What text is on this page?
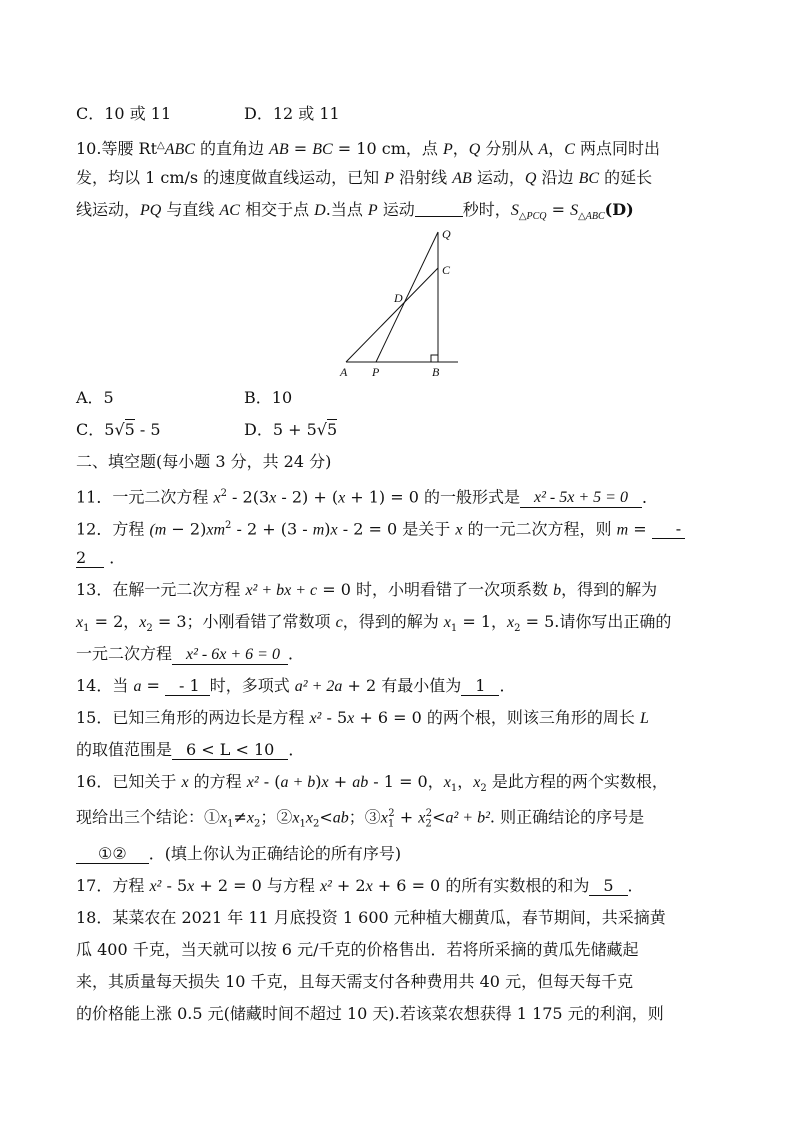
C．10 或 11	D．12 或 11
10.等腰 Rt△ABC 的直角边 AB = BC = 10 cm，点 P，Q 分别从 A，C 两点同时出
发，均以 1 cm/s 的速度做直线运动，已知 P 沿射线 AB 运动，Q 沿边 BC 的延长
线运动，PQ 与直线 AC 相交于点 D.当点 P 运动	秒时，$S_{\triangle PCQ} = S_{\triangle ABC}(D)$
Q
C
D
A P	B
A．5	B．10
C．5√5 - 5	D．5 + 5√5
二、填空题(每小题 3 分，共 24 分)
11．一元二次方程 $x^2 - 2(3x - 2) + (x + 1) = 0$ 的一般形式是 x² - 5x + 5 = 0 ．
12．方程 $(m - 2)xm^2 - 2 + (3 - m)x - 2 = 0$ 是关于 x 的一元二次方程，则 m = -
2 ．
13．在解一元二次方程 x² + bx + c = 0 时，小明看错了一次项系数 b，得到的解为
$x_1 = 2$，$x_2 = 3$；小刚看错了常数项 c，得到的解为 $x_1 = 1$，$x_2 = 5$.请你写出正确的
一元二次方程 x² - 6x + 6 = 0 ．
14．当 a = - 1 时，多项式 a² + 2a + 2 有最小值为 1 ．
15．已知三角形的两边长是方程 x² - 5x + 6 = 0 的两个根，则该三角形的周长 L
的取值范围是 6 < L < 10 ．
16．已知关于 x 的方程 x² - (a + b)x + ab - 1 = 0，$x_1$，$x_2$ 是此方程的两个实数根，
现给出三个结论：$①x_1\ne x_2$；$②x_1x_2<ab$；$③x_1^2 + x_2^2<a^2 + b^2$. 则正确结论的序号是
①② ．(填上你认为正确结论的所有序号)
17．方程 x² - 5x + 2 = 0 与方程 x² + 2x + 6 = 0 的所有实数根的和为 5 ．
18．某菜农在 2021 年 11 月底投资 1 600 元种植大棚黄瓜，春节期间，共采摘黄
瓜 400 千克，当天就可以按 6 元/千克的价格售出．若将所采摘的黄瓜先储藏起
来，其质量每天损失 10 千克，且每天需支付各种费用共 40 元，但每天每千克
的价格能上涨 0.5 元(储藏时间不超过 10 天).若该菜农想获得 1 175 元的利润，则
